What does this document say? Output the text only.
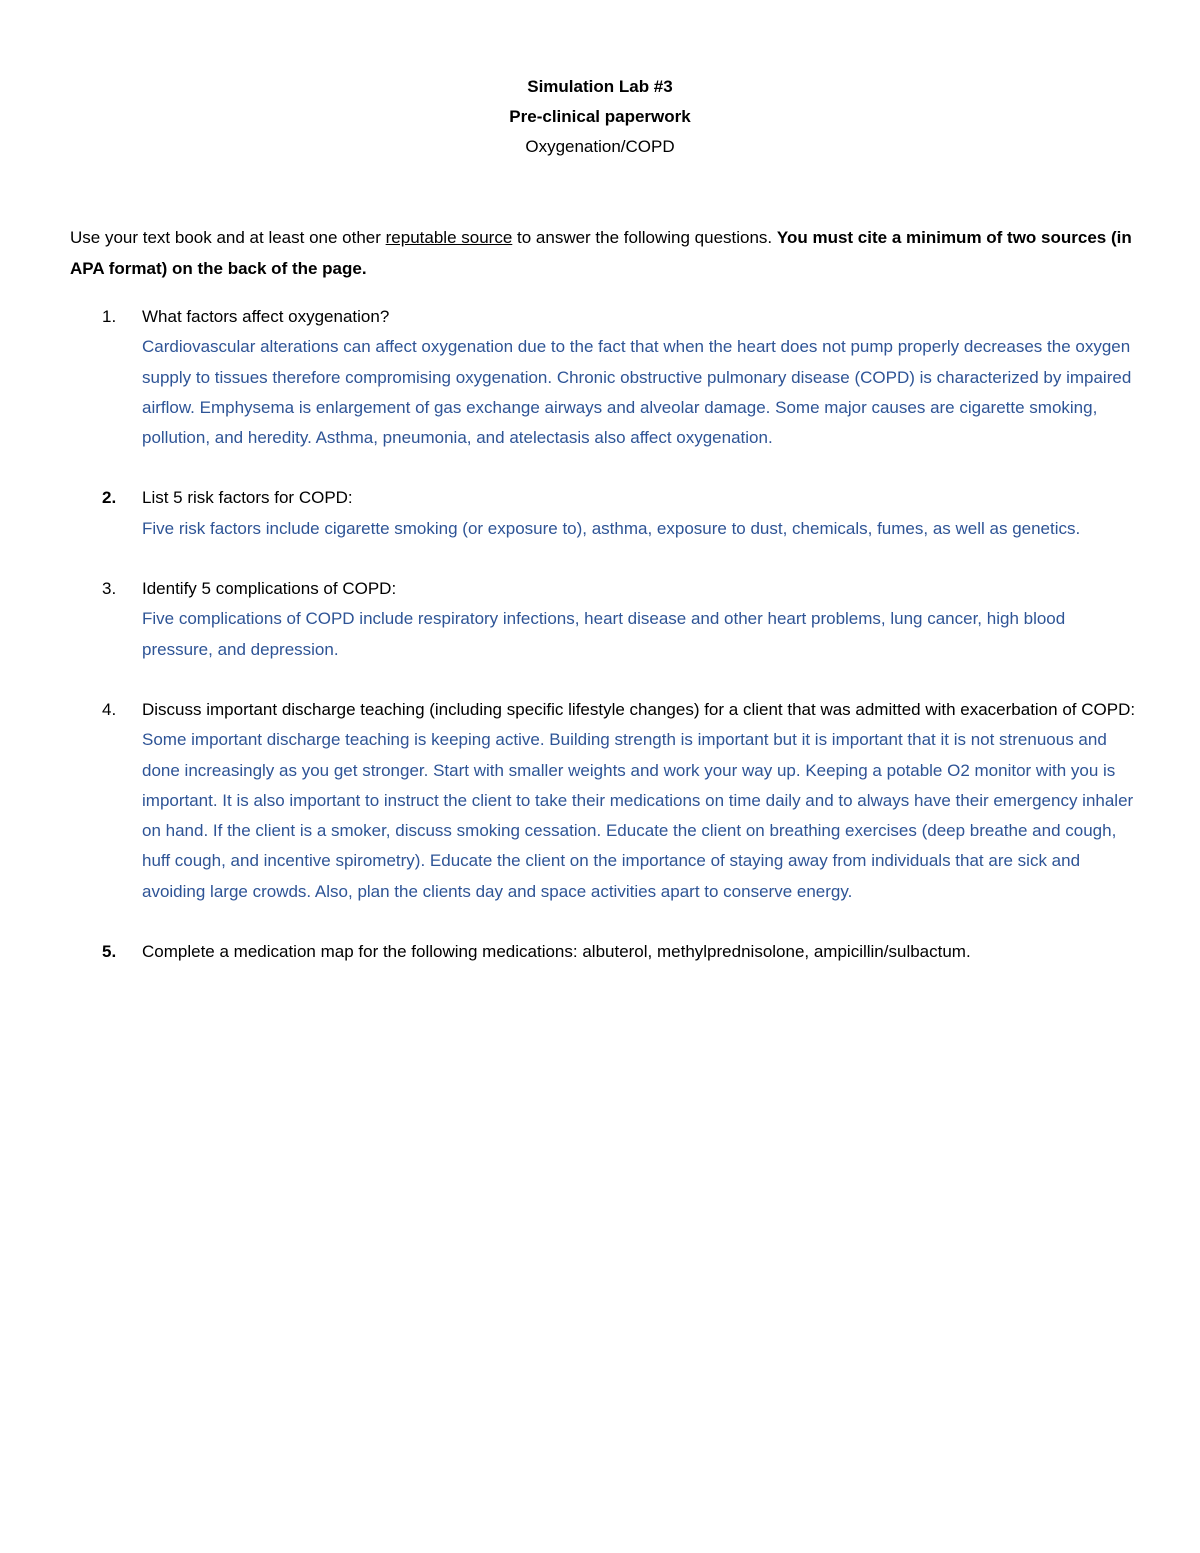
Simulation Lab #3
Pre-clinical paperwork
Oxygenation/COPD
Use your text book and at least one other reputable source to answer the following questions. You must cite a minimum of two sources (in APA format) on the back of the page.
1.	What factors affect oxygenation?
Cardiovascular alterations can affect oxygenation due to the fact that when the heart does not pump properly decreases the oxygen supply to tissues therefore compromising oxygenation. Chronic obstructive pulmonary disease (COPD) is characterized by impaired airflow. Emphysema is enlargement of gas exchange airways and alveolar damage. Some major causes are cigarette smoking, pollution, and heredity. Asthma, pneumonia, and atelectasis also affect oxygenation.
2.	List 5 risk factors for COPD:
Five risk factors include cigarette smoking (or exposure to), asthma, exposure to dust, chemicals, fumes, as well as genetics.
3.	Identify 5 complications of COPD:
Five complications of COPD include respiratory infections, heart disease and other heart problems, lung cancer, high blood pressure, and depression.
4.	Discuss important discharge teaching (including specific lifestyle changes) for a client that was admitted with exacerbation of COPD:
Some important discharge teaching is keeping active. Building strength is important but it is important that it is not strenuous and done increasingly as you get stronger. Start with smaller weights and work your way up. Keeping a potable O2 monitor with you is important. It is also important to instruct the client to take their medications on time daily and to always have their emergency inhaler on hand. If the client is a smoker, discuss smoking cessation. Educate the client on breathing exercises (deep breathe and cough, huff cough, and incentive spirometry). Educate the client on the importance of staying away from individuals that are sick and avoiding large crowds. Also, plan the clients day and space activities apart to conserve energy.
5.	Complete a medication map for the following medications: albuterol, methylprednisolone, ampicillin/sulbactum.
